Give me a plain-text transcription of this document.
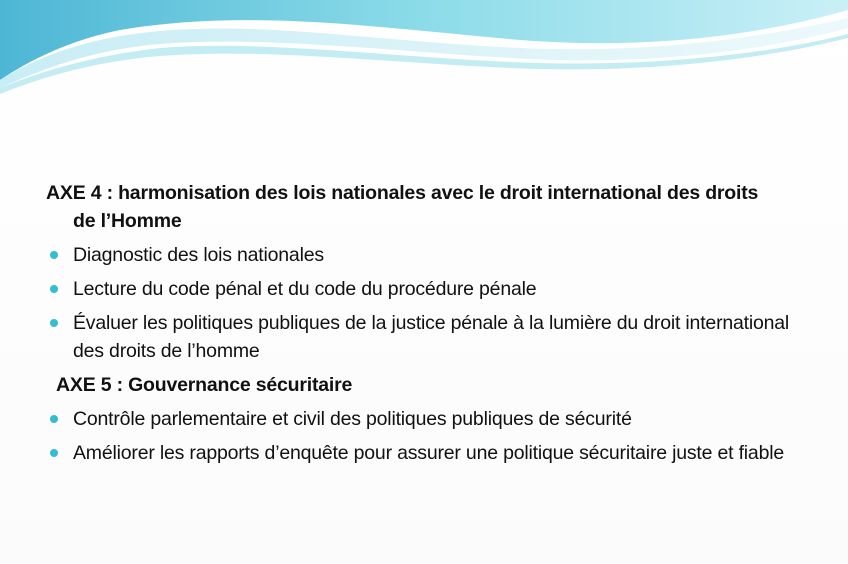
AXE 4 : harmonisation des lois nationales avec le droit international des droits
de l’Homme

Diagnostic des lois nationales
Lecture du code pénal et du code du procédure pénale
Évaluer les politiques publiques de la justice pénale à la lumière du droit international des droits de l’homme

AXE 5 : Gouvernance sécuritaire

Contrôle parlementaire et civil des politiques publiques de sécurité
Améliorer les rapports d’enquête pour assurer une politique sécuritaire juste et fiable
